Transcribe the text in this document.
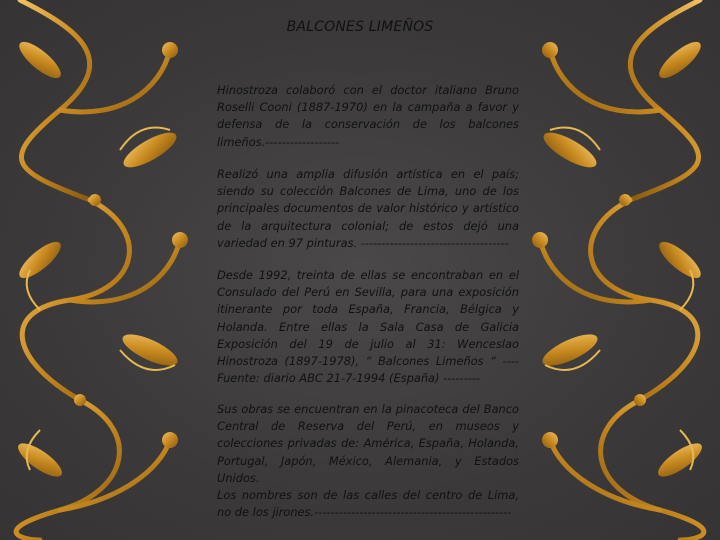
BALCONES LIMEÑOS

Hinostroza colaboró con el doctor italiano Bruno Roselli Cooni (1887-1970) en la campaña a favor y defensa de la conservación de los balcones limeños.------------------

Realizó una amplia difusión artística en el país; siendo su colección Balcones de Lima, uno de los principales documentos de valor histórico y artístico de la arquitectura colonial; de estos dejó una variedad en 97 pinturas. ------------------------------------

Desde 1992, treinta de ellas se encontraban en el Consulado del Perú en Sevilla, para una exposición itinerante por toda España, Francia, Bélgica y Holanda. Entre ellas la Sala Casa de Galicia Exposición del 19 de julio al 31: Wenceslao Hinostroza (1897-1978), “ Balcones Limeños “ ---- Fuente: diario ABC 21-7-1994 (España) ---------

Sus obras se encuentran en la pinacoteca del Banco Central de Reserva del Perú, en museos y colecciones privadas de: América, España, Holanda, Portugal, Japón, México, Alemania, y Estados Unidos.

Los nombres son de las calles del centro de Lima, no de los jirones.------------------------------------------------
